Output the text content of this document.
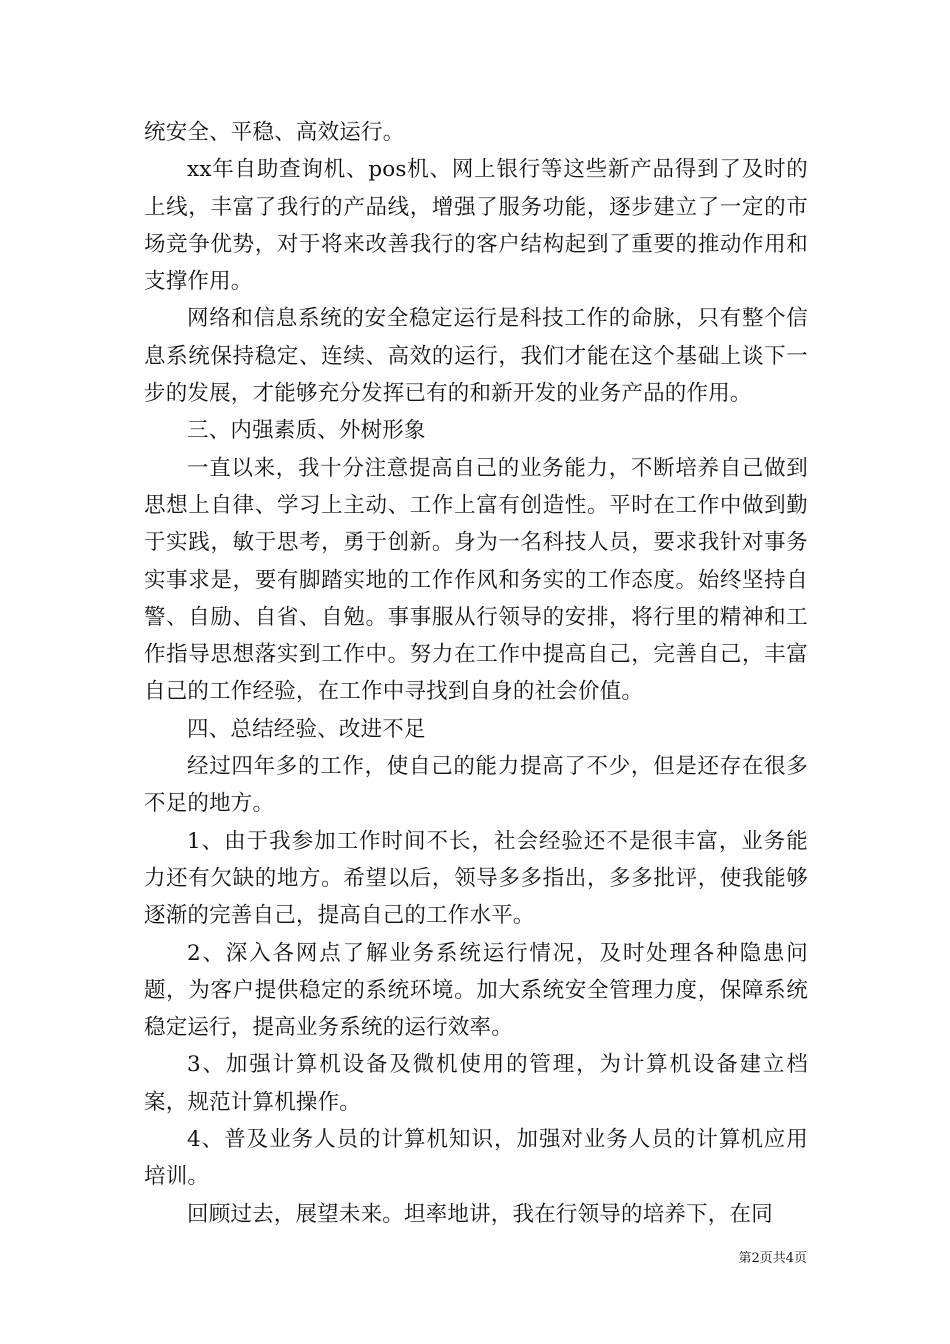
统安全、平稳、高效运行。

xx年自助查询机、pos机、网上银行等这些新产品得到了及时的上线，丰富了我行的产品线，增强了服务功能，逐步建立了一定的市场竞争优势，对于将来改善我行的客户结构起到了重要的推动作用和支撑作用。

网络和信息系统的安全稳定运行是科技工作的命脉，只有整个信息系统保持稳定、连续、高效的运行，我们才能在这个基础上谈下一步的发展，才能够充分发挥已有的和新开发的业务产品的作用。

三、内强素质、外树形象

一直以来，我十分注意提高自己的业务能力，不断培养自己做到思想上自律、学习上主动、工作上富有创造性。平时在工作中做到勤于实践，敏于思考，勇于创新。身为一名科技人员，要求我针对事务实事求是，要有脚踏实地的工作作风和务实的工作态度。始终坚持自警、自励、自省、自勉。事事服从行领导的安排，将行里的精神和工作指导思想落实到工作中。努力在工作中提高自己，完善自己，丰富自己的工作经验，在工作中寻找到自身的社会价值。

四、总结经验、改进不足

经过四年多的工作，使自己的能力提高了不少，但是还存在很多不足的地方。

1、由于我参加工作时间不长，社会经验还不是很丰富，业务能力还有欠缺的地方。希望以后，领导多多指出，多多批评，使我能够逐渐的完善自己，提高自己的工作水平。

2、深入各网点了解业务系统运行情况，及时处理各种隐患问题，为客户提供稳定的系统环境。加大系统安全管理力度，保障系统稳定运行，提高业务系统的运行效率。

3、加强计算机设备及微机使用的管理，为计算机设备建立档案，规范计算机操作。

4、普及业务人员的计算机知识，加强对业务人员的计算机应用培训。

回顾过去，展望未来。坦率地讲，我在行领导的培养下，在同

第2页共4页
